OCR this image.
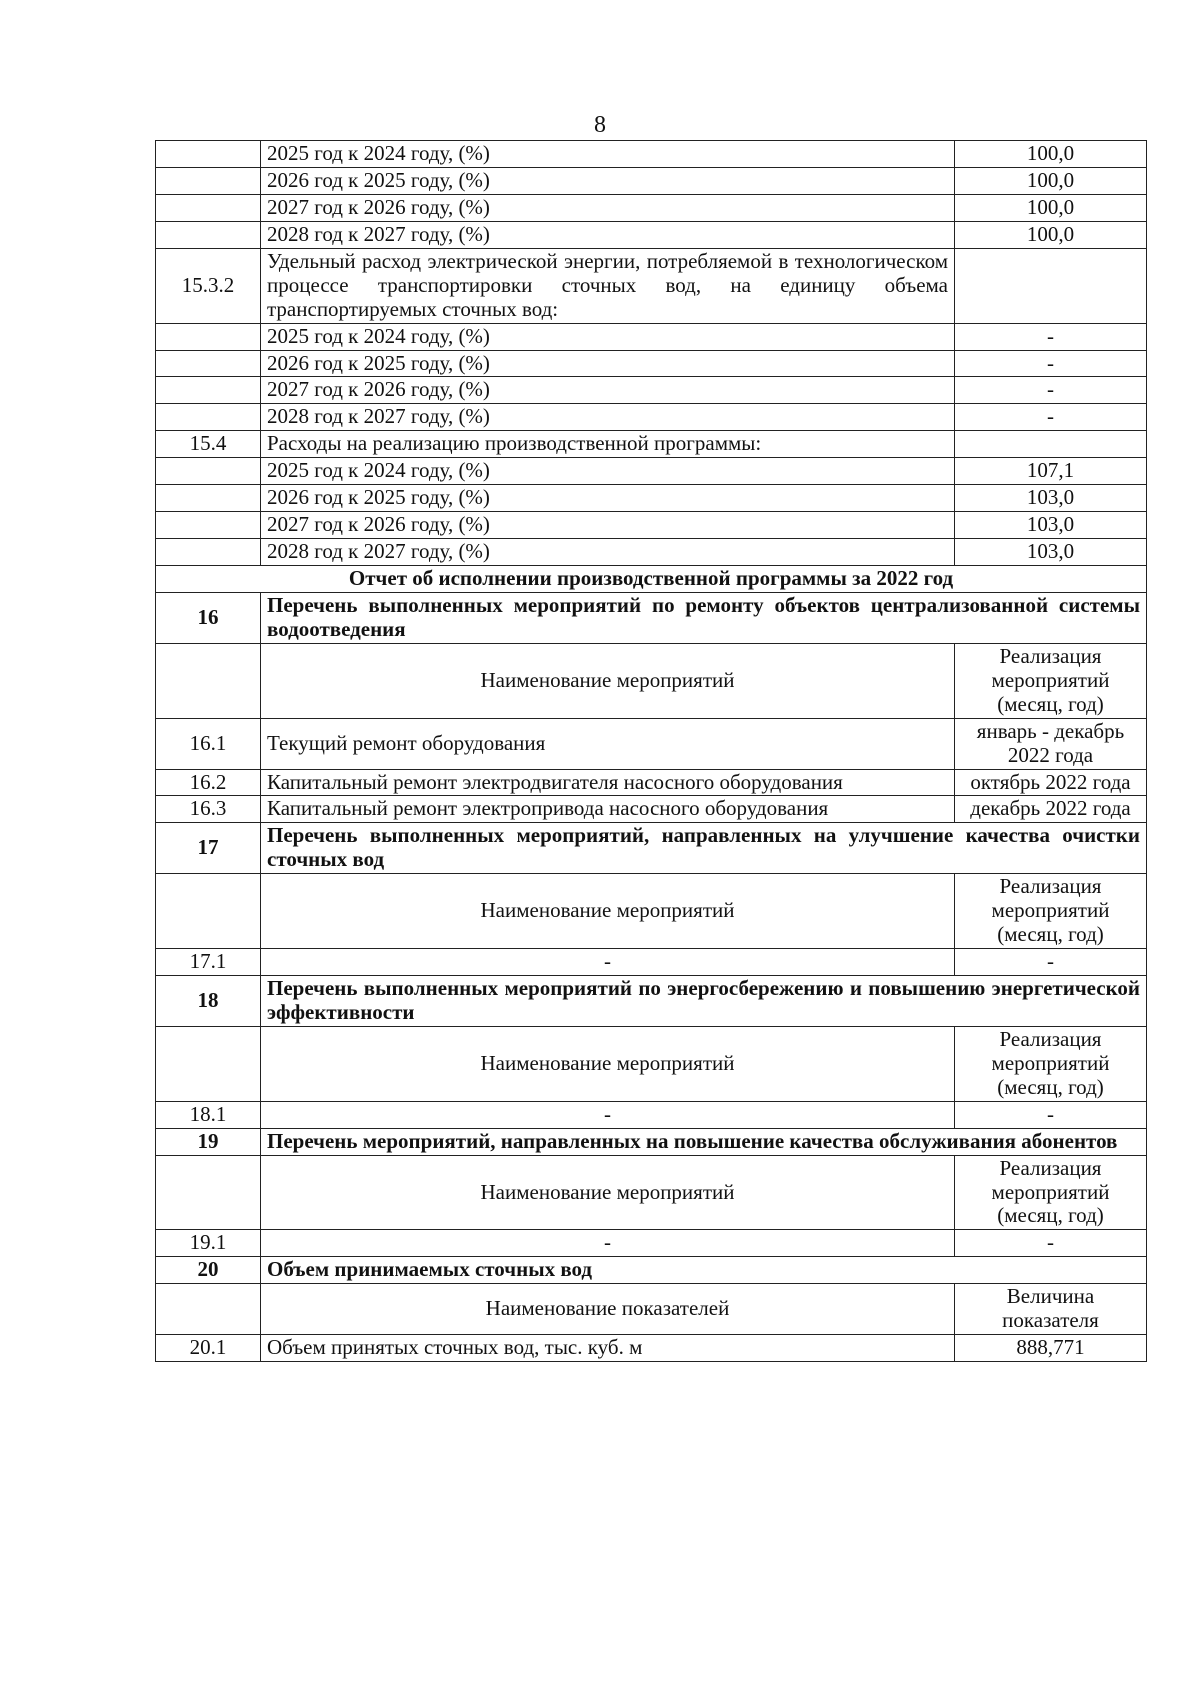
8
	2025 год к 2024 году, (%)	100,0
	2026 год к 2025 году, (%)	100,0
	2027 год к 2026 году, (%)	100,0
	2028 год к 2027 году, (%)	100,0
15.3.2	Удельный расход электрической энергии, потребляемой в технологическом процессе транспортировки сточных вод, на единицу объема транспортируемых сточных вод:	
	2025 год к 2024 году, (%)	-
	2026 год к 2025 году, (%)	-
	2027 год к 2026 году, (%)	-
	2028 год к 2027 году, (%)	-
15.4	Расходы на реализацию производственной программы:	
	2025 год к 2024 году, (%)	107,1
	2026 год к 2025 году, (%)	103,0
	2027 год к 2026 году, (%)	103,0
	2028 год к 2027 году, (%)	103,0
Отчет об исполнении производственной программы за 2022 год		
16	Перечень выполненных мероприятий по ремонту объектов централизованной системы водоотведения	
	Наименование мероприятий	Реализация мероприятий (месяц, год)
16.1	Текущий ремонт оборудования	январь - декабрь 2022 года
16.2	Капитальный ремонт электродвигателя насосного оборудования	октябрь 2022 года
16.3	Капитальный ремонт электропривода насосного оборудования	декабрь 2022 года
17	Перечень выполненных мероприятий, направленных на улучшение качества очистки сточных вод	
	Наименование мероприятий	Реализация мероприятий (месяц, год)
17.1	-	-
18	Перечень выполненных мероприятий по энергосбережению и повышению энергетической эффективности	
	Наименование мероприятий	Реализация мероприятий (месяц, год)
18.1	-	-
19	Перечень мероприятий, направленных на повышение качества обслуживания абонентов	
	Наименование мероприятий	Реализация мероприятий (месяц, год)
19.1	-	-
20	Объем принимаемых сточных вод	
	Наименование показателей	Величина показателя
20.1	Объем принятых сточных вод, тыс. куб. м	888,771
